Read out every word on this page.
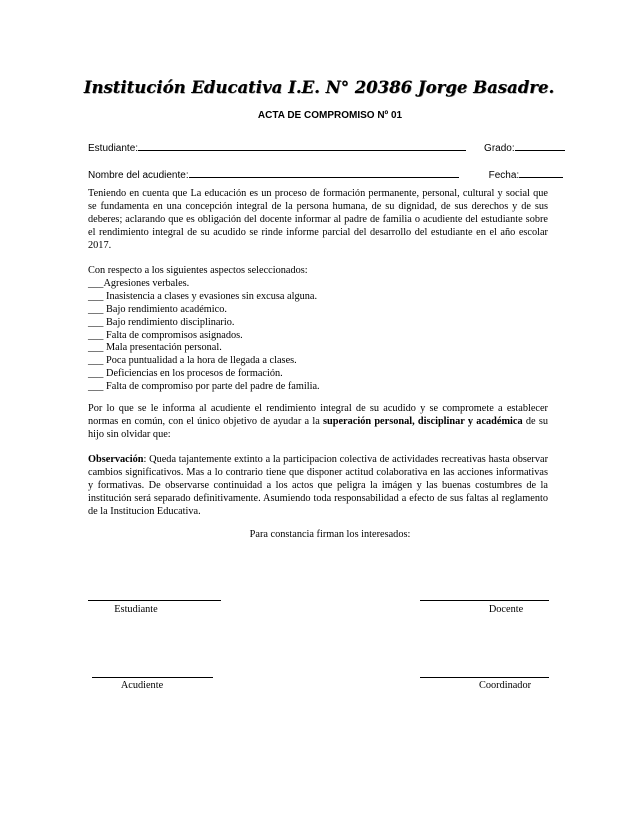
Institución Educativa I.E. N° 20386 Jorge Basadre.
ACTA DE COMPROMISO Nº 01
Estudiante:	Grado:
Nombre del acudiente:	Fecha:

Teniendo en cuenta que La educación es un proceso de formación permanente, personal, cultural y social que se fundamenta en una concepción integral de la persona humana, de su dignidad, de sus derechos y de sus deberes; aclarando que es obligación del docente informar al padre de familia o acudiente del estudiante sobre el rendimiento integral de su acudido se rinde informe parcial del desarrollo del estudiante en el año escolar 2017.

Con respecto a los siguientes aspectos seleccionados:
___Agresiones verbales.
___ Inasistencia a clases y evasiones sin excusa alguna.
___ Bajo rendimiento académico.
___ Bajo rendimiento disciplinario.
___ Falta de compromisos asignados.
___ Mala presentación personal.
___ Poca puntualidad a la hora de llegada a clases.
___ Deficiencias en los procesos de formación.
___ Falta de compromiso por parte del padre de familia.

Por lo que se le informa al acudiente el rendimiento integral de su acudido y se compromete a establecer normas en común, con el único objetivo de ayudar a la superación personal, disciplinar y académica de su hijo sin olvidar que:

Observación: Queda tajantemente extinto a la participacion colectiva de actividades recreativas hasta observar cambios significativos. Mas a lo contrario tiene que disponer actitud colaborativa en las acciones informativas y formativas. De observarse continuidad a los actos que peligra la imágen y las buenas costumbres de la institución será separado definitivamente. Asumiendo toda responsabilidad a efecto de sus faltas al reglamento de la Institucion Educativa.

Para constancia firman los interesados:
Estudiante	Docente
Acudiente	Coordinador
